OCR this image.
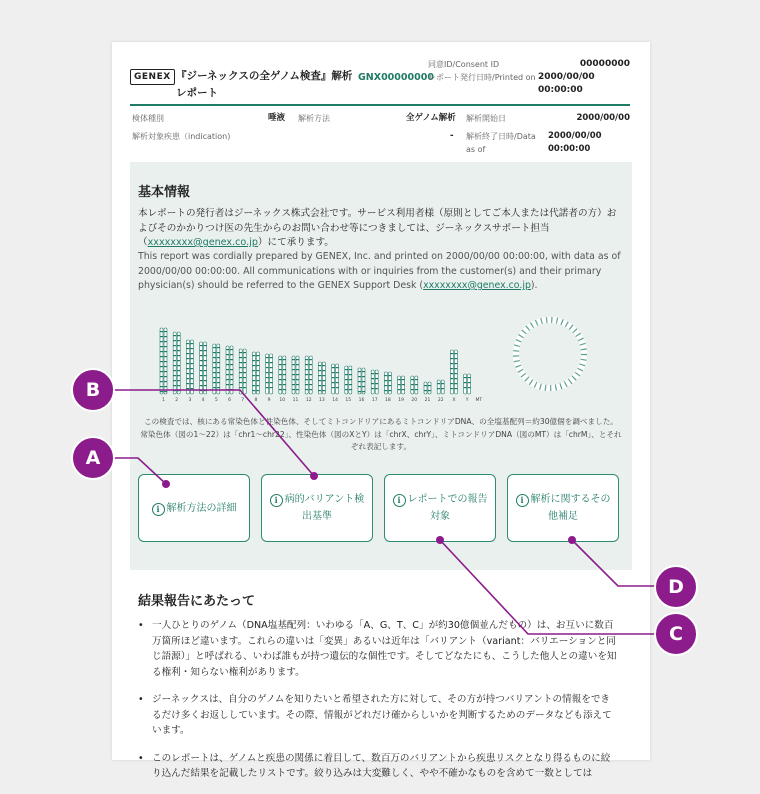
GENEX 『ジーネックスの全ゲノム検査』解析レポート
GNX00000000
同意ID/Consent ID	00000000
レポート発行日時/Printed on 2000/00/00 00:00:00
検体種別	唾液 解析方法	全ゲノム解析 解析開始日	2000/00/00
解析対象疾患（indication)	- 解析終了日時/Data as of
2000/00/00 00:00:00
基本情報
本レポートの発行者はジーネックス株式会社です。サービス利用者様（原則としてご本人または代諾者の方）およびそのかかりつけ医の先生からのお問い合わせ等につきましては、ジーネックスサポート担当 （xxxxxxxx@genex.co.jp）にて承ります。
This report was cordially prepared by GENEX, Inc. and printed on 2000/00/00 00:00:00, with data as of 2000/00/00 00:00:00. All communications with or inquiries from the customer(s) and their primary physician(s) should be referred to the GENEX Support Desk (xxxxxxxx@genex.co.jp).
1 2 3 4 5 6 7 8 9 10 11 12 13 14 15 16 17 18 19 20 21 22 X Y MT
この検査では、核にある常染色体と性染色体、そしてミトコンドリアにあるミトコンドリアDNA、の全塩基配列＝約30億個を調べました。
常染色体（図の1〜22）は「chr1〜chr22」、性染色体（図のXとY）は「chrX、chrY」、ミトコンドリアDNA（図のMT）は「chrM」、とそれぞれ表記します。
i 解析方法の詳細
i 病的バリアント検出基準
i レポートでの報告対象
i 解析に関するその他補足
結果報告にあたって
• 一人ひとりのゲノム（DNA塩基配列：いわゆる「A、G、T、C」が約30億個並んだもの）は、お互いに数百万箇所ほど違います。これらの違いは「変異」あるいは近年は「バリアント（variant：バリエーションと同じ語源）」と呼ばれる、いわば誰もが持つ遺伝的な個性です。そしてどなたにも、こうした他人との違いを知る権利・知らない権利があります。
• ジーネックスは、自分のゲノムを知りたいと希望された方に対して、その方が持つバリアントの情報をできるだけ多くお返ししています。その際、情報がどれだけ確からしいかを判断するためのデータなども添えています。
• このレポートは、ゲノムと疾患の関係に着目して、数百万のバリアントから疾患リスクとなり得るものに絞り込んだ結果を記載したリストです。絞り込みは大変難しく、やや不確かなものを含めて一数としては
B
A
D
C
